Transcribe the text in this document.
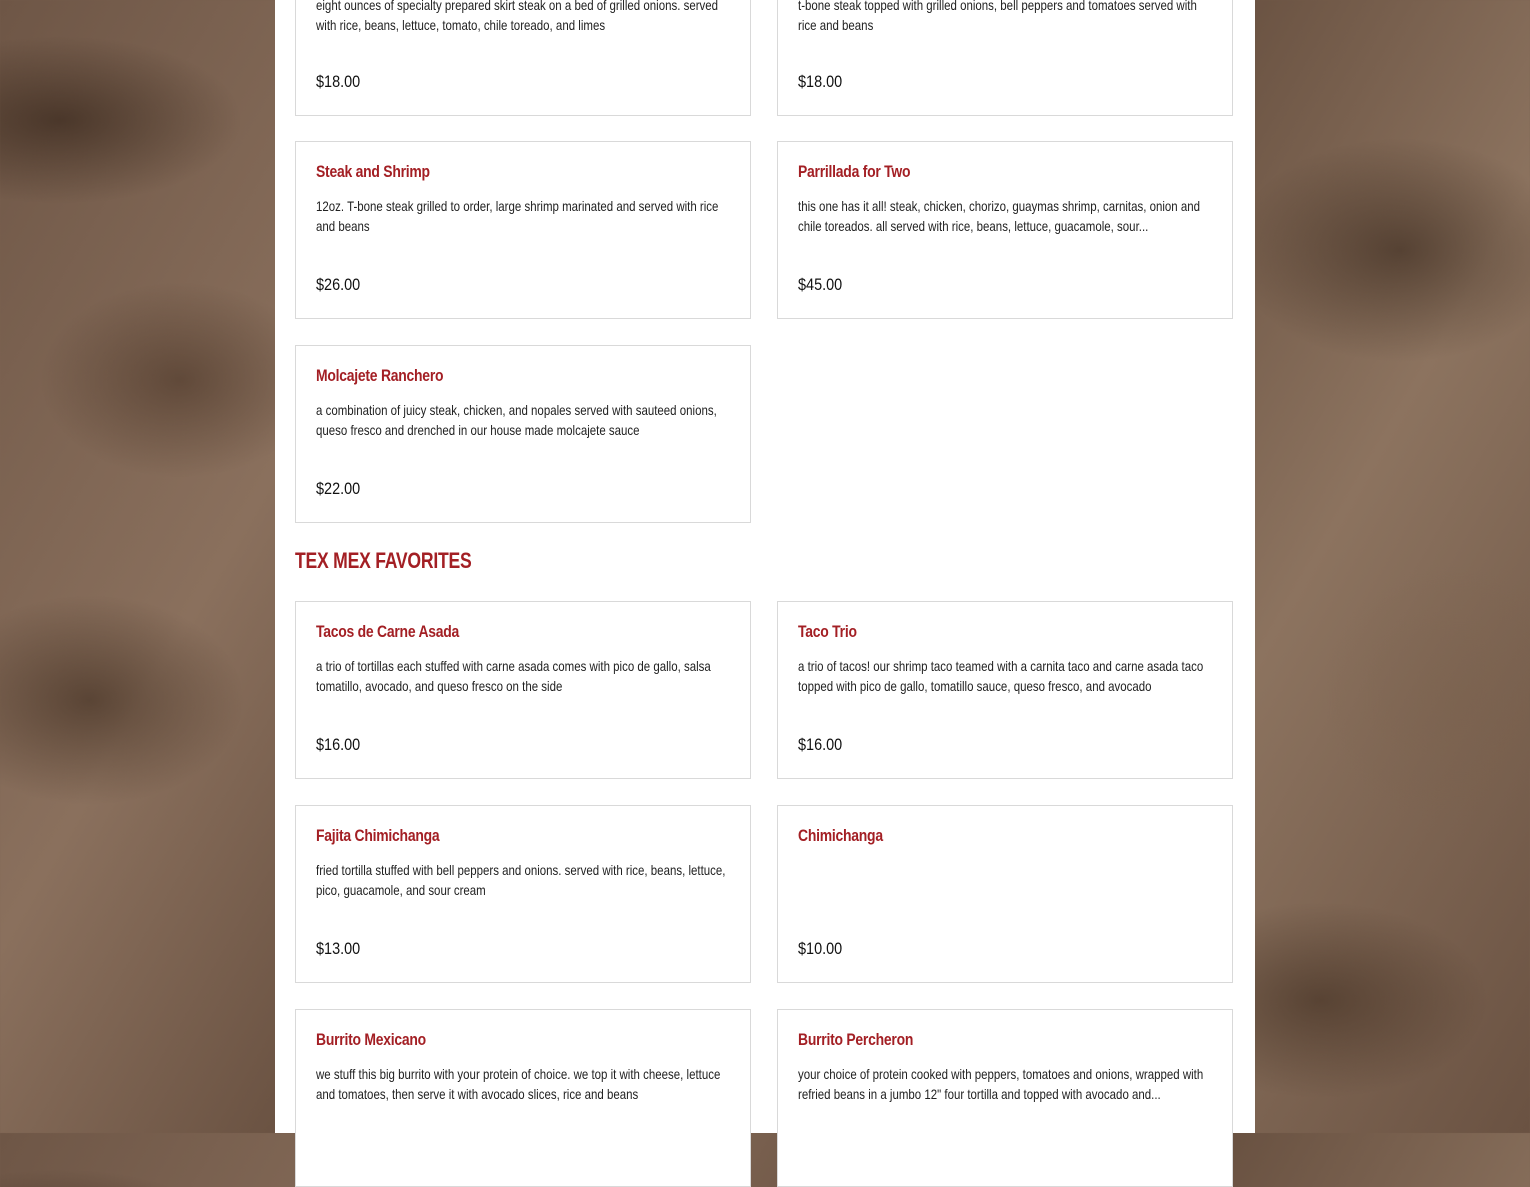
eight ounces of specialty prepared skirt steak on a bed of grilled onions. served with rice, beans, lettuce, tomato, chile toreado, and limes
$18.00
t-bone steak topped with grilled onions, bell peppers and tomatoes served with rice and beans
$18.00
Steak and Shrimp
12oz. T-bone steak grilled to order, large shrimp marinated and served with rice and beans
$26.00
Parrillada for Two
this one has it all! steak, chicken, chorizo, guaymas shrimp, carnitas, onion and chile toreados. all served with rice, beans, lettuce, guacamole, sour...
$45.00
Molcajete Ranchero
a combination of juicy steak, chicken, and nopales served with sauteed onions, queso fresco and drenched in our house made molcajete sauce
$22.00
TEX MEX FAVORITES
Tacos de Carne Asada
a trio of tortillas each stuffed with carne asada comes with pico de gallo, salsa tomatillo, avocado, and queso fresco on the side
$16.00
Taco Trio
a trio of tacos! our shrimp taco teamed with a carnita taco and carne asada taco topped with pico de gallo, tomatillo sauce, queso fresco, and avocado
$16.00
Fajita Chimichanga
fried tortilla stuffed with bell peppers and onions. served with rice, beans, lettuce, pico, guacamole, and sour cream
$13.00
Chimichanga
$10.00
Burrito Mexicano
we stuff this big burrito with your protein of choice. we top it with cheese, lettuce and tomatoes, then serve it with avocado slices, rice and beans
Burrito Percheron
your choice of protein cooked with peppers, tomatoes and onions, wrapped with refried beans in a jumbo 12" four tortilla and topped with avocado and...
